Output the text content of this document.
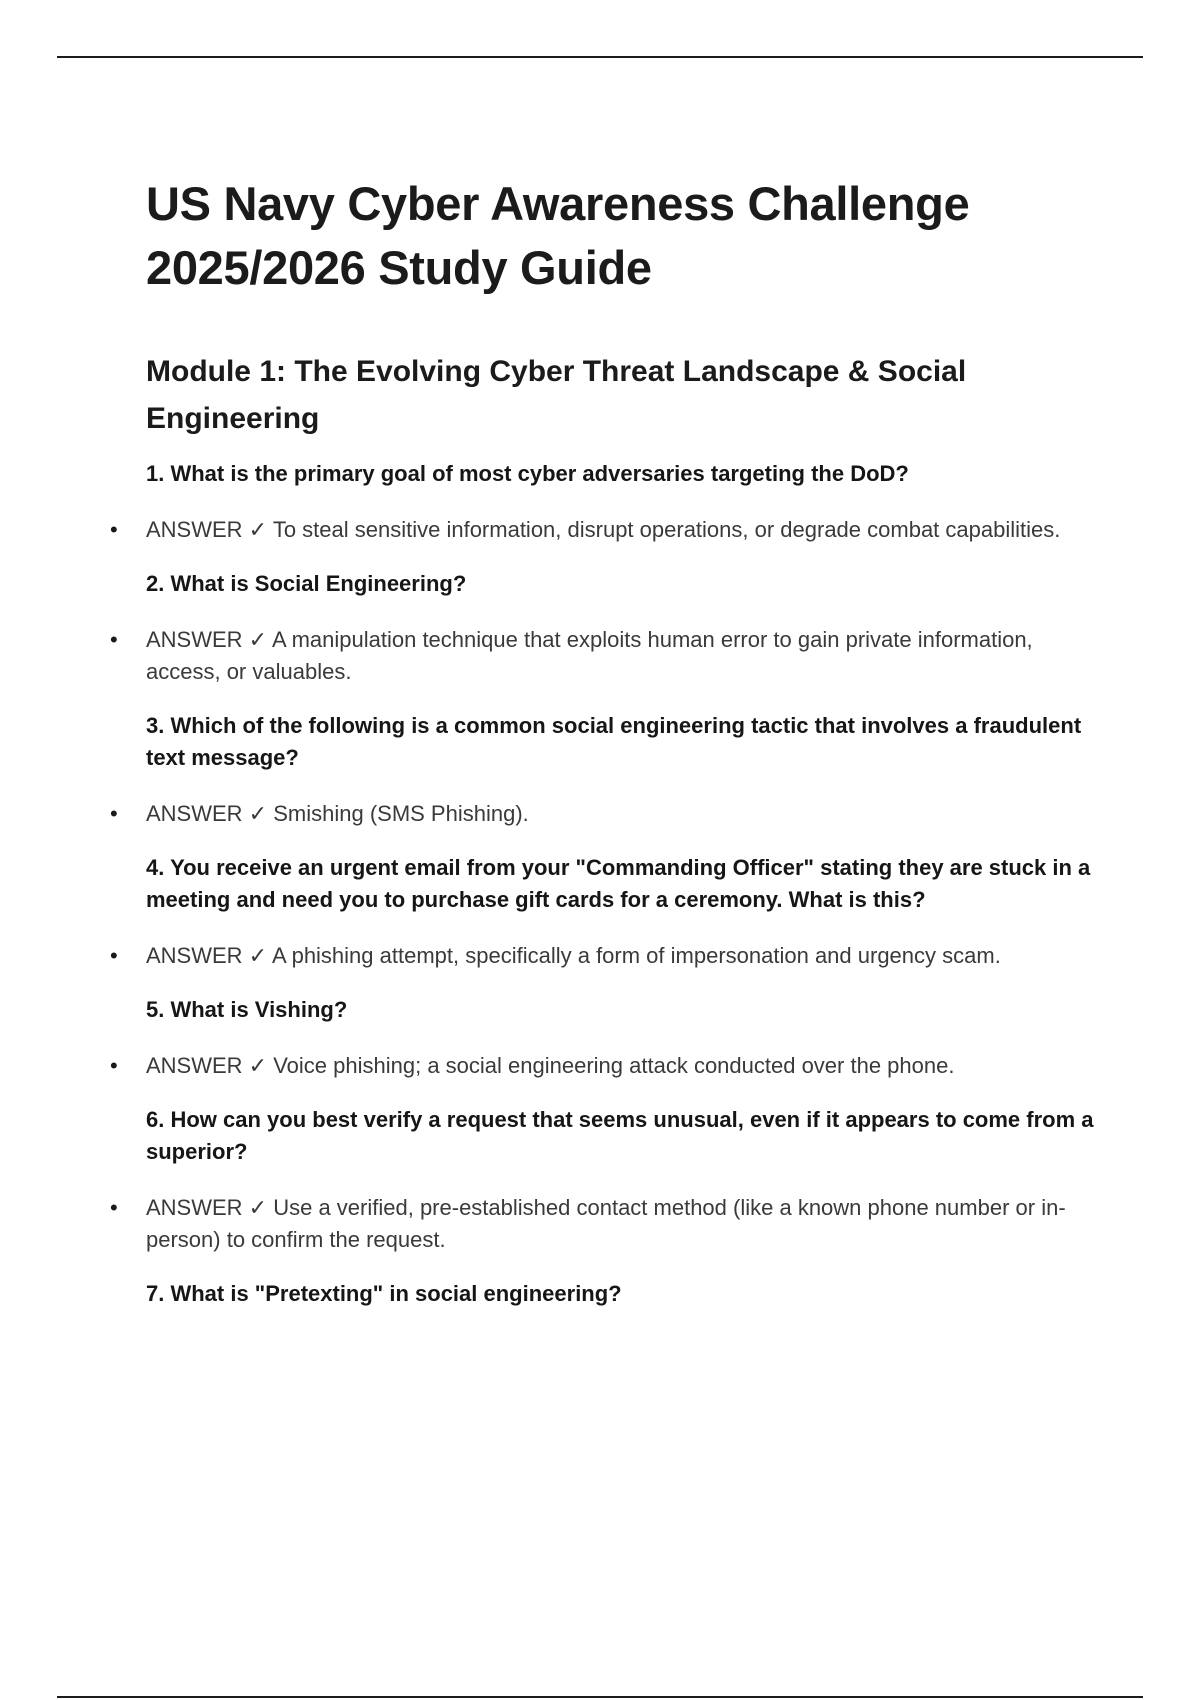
US Navy Cyber Awareness Challenge 2025/2026 Study Guide
Module 1: The Evolving Cyber Threat Landscape & Social Engineering

1. What is the primary goal of most cyber adversaries targeting the DoD?

• ANSWER ✓ To steal sensitive information, disrupt operations, or degrade combat capabilities.

2. What is Social Engineering?

• ANSWER ✓ A manipulation technique that exploits human error to gain private information, access, or valuables.

3. Which of the following is a common social engineering tactic that involves a fraudulent text message?

• ANSWER ✓ Smishing (SMS Phishing).

4. You receive an urgent email from your "Commanding Officer" stating they are stuck in a meeting and need you to purchase gift cards for a ceremony. What is this?

• ANSWER ✓ A phishing attempt, specifically a form of impersonation and urgency scam.

5. What is Vishing?

• ANSWER ✓ Voice phishing; a social engineering attack conducted over the phone.

6. How can you best verify a request that seems unusual, even if it appears to come from a superior?

• ANSWER ✓ Use a verified, pre-established contact method (like a known phone number or in-person) to confirm the request.

7. What is "Pretexting" in social engineering?
